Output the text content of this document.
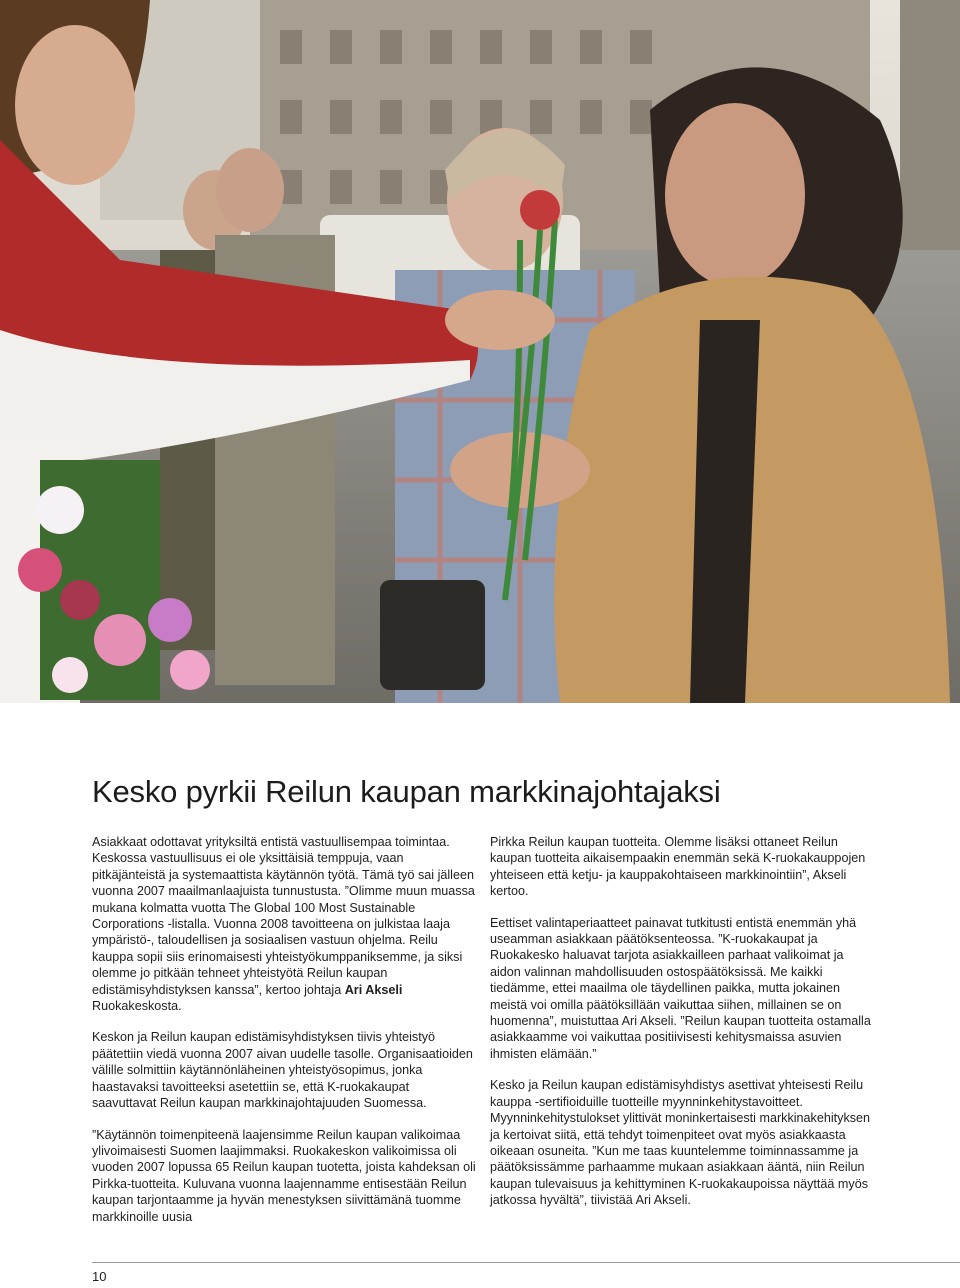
Kesko pyrkii Reilun kaupan markkinajohtajaksi

Asiakkaat odottavat yrityksiltä entistä vastuullisempaa toimintaa. Keskossa vastuullisuus ei ole yksittäisiä temppuja, vaan pitkäjänteistä ja systemaattista käytännön työtä. Tämä työ sai jälleen vuonna 2007 maailmanlaajuista tunnustusta. ”Olimme muun muassa mukana kolmatta vuotta The Global 100 Most Sustainable Corporations -listalla. Vuonna 2008 tavoitteena on julkistaa laaja ympäristö-, taloudellisen ja sosiaalisen vastuun ohjelma. Reilu kauppa sopii siis erinomaisesti yhteistyökumppaniksemme, ja siksi olemme jo pitkään tehneet yhteistyötä Reilun kaupan edistämisyhdistyksen kanssa”, kertoo johtaja Ari Akseli Ruokakeskosta.

Keskon ja Reilun kaupan edistämisyhdistyksen tiivis yhteistyö päätettiin viedä vuonna 2007 aivan uudelle tasolle. Organisaatioiden välille solmittiin käytännönläheinen yhteistyösopimus, jonka haastavaksi tavoitteeksi asetettiin se, että K-ruokakaupat saavuttavat Reilun kaupan markkinajohtajuuden Suomessa.

”Käytännön toimenpiteenä laajensimme Reilun kaupan valikoimaa ylivoimaisesti Suomen laajimmaksi. Ruokakeskon valikoimissa oli vuoden 2007 lopussa 65 Reilun kaupan tuotetta, joista kahdeksan oli Pirkka-tuotteita. Kuluvana vuonna laajennamme entisestään Reilun kaupan tarjontaamme ja hyvän menestyksen siivittämänä tuomme markkinoille uusia

Pirkka Reilun kaupan tuotteita. Olemme lisäksi ottaneet Reilun kaupan tuotteita aikaisempaakin enemmän sekä K-ruokakauppojen yhteiseen että ketju- ja kauppakohtaiseen markkinointiin”, Akseli kertoo.

Eettiset valintaperiaatteet painavat tutkitusti entistä enemmän yhä useamman asiakkaan päätöksenteossa. ”K-ruokakaupat ja Ruokakesko haluavat tarjota asiakkailleen parhaat valikoimat ja aidon valinnan mahdollisuuden ostospäätöksissä. Me kaikki tiedämme, ettei maailma ole täydellinen paikka, mutta jokainen meistä voi omilla päätöksillään vaikuttaa siihen, millainen se on huomenna”, muistuttaa Ari Akseli. ”Reilun kaupan tuotteita ostamalla asiakkaamme voi vaikuttaa positiivisesti kehitysmaissa asuvien ihmisten elämään.”

Kesko ja Reilun kaupan edistämisyhdistys asettivat yhteisesti Reilu kauppa -sertifioiduille tuotteille myynninkehitystavoitteet. Myynninkehitystulokset ylittivät moninkertaisesti markkinakehityksen ja kertoivat siitä, että tehdyt toimenpiteet ovat myös asiakkaasta oikeaan osuneita. ”Kun me taas kuuntelemme toiminnassamme ja päätöksissämme parhaamme mukaan asiakkaan ääntä, niin Reilun kaupan tulevaisuus ja kehittyminen K-ruokakaupoissa näyttää myös jatkossa hyvältä”, tiivistää Ari Akseli.

10
